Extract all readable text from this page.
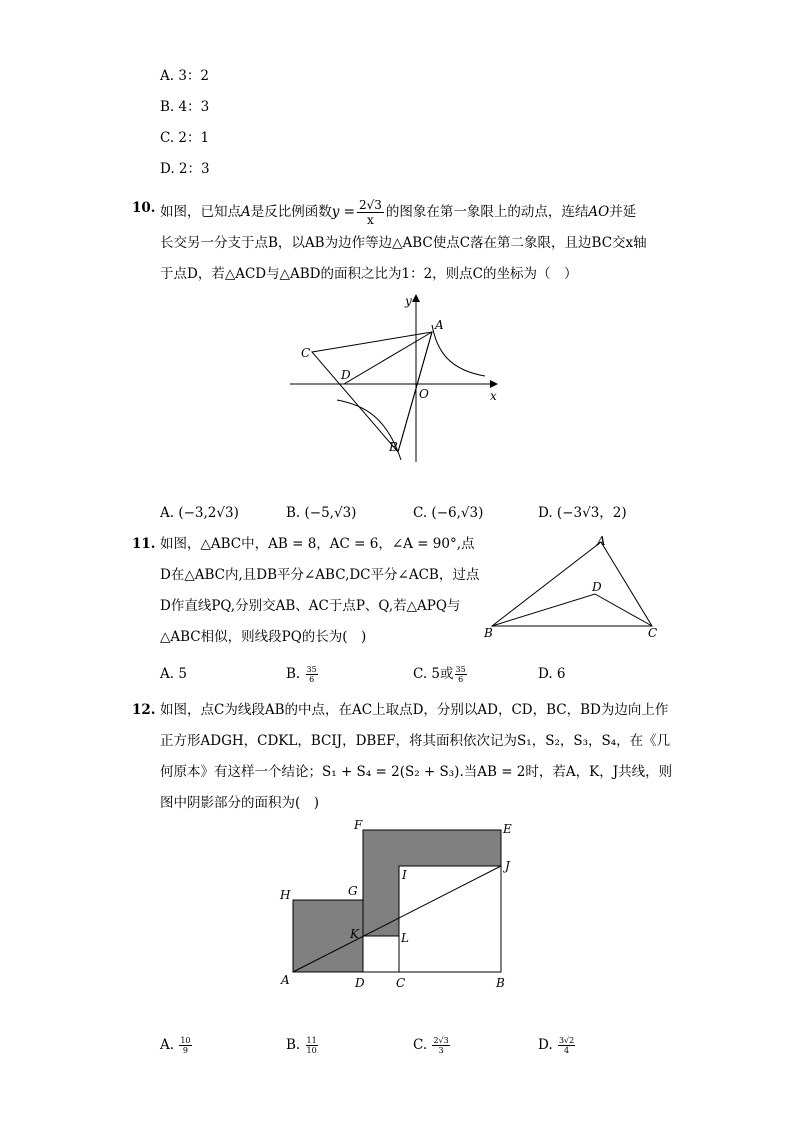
A. 3：2
B. 4：3
C. 2：1
D. 2：3
10. 如图，已知点A是反比例函数$y = \frac{2√3}{x}$ 的图象在第一象限上的动点，连结AO并延
长交另一分支于点B，以AB为边作等边△ABC使点C落在第二象限，且边BC交x轴
于点D，若△ACD与△ABD的面积之比为1：2，则点C的坐标为（　）
y
x
A
C
D
O
B
A. (−3,2√3)	B. (−5,√3)	C. (−6,√3)	D. (−3√3，2)
11. 如图，△ABC中，AB = 8，AC = 6，∠A = 90°,点
D在△ABC内,且DB平分∠ABC,DC平分∠ACB，过点
D作直线PQ,分别交AB、AC于点P、Q,若△APQ与
△ABC相似，则线段PQ的长为(　)
A
D
B	C
A. 5	B. $\frac{35}{6}$	C. 5或 $\frac{35}{6}$	D. 6
12. 如图，点C为线段AB的中点，在AC上取点D，分别以AD，CD，BC，BD为边向上作
正方形ADGH，CDKL，BCIJ，DBEF，将其面积依次记为S₁，S₂，S₃，S₄，在《几
何原本》有这样一个结论；S₁ + S₄ = 2(S₂ + S₃).当AB = 2时，若A，K，J共线，则
图中阴影部分的面积为(　)
F	E
I
J
H	G
K	L
A	D	C	B
A. $\frac{10}{9}$	B. $\frac{11}{10}$	C. $\frac{2√3}{3}$	D. $\frac{3√2}{4}$
